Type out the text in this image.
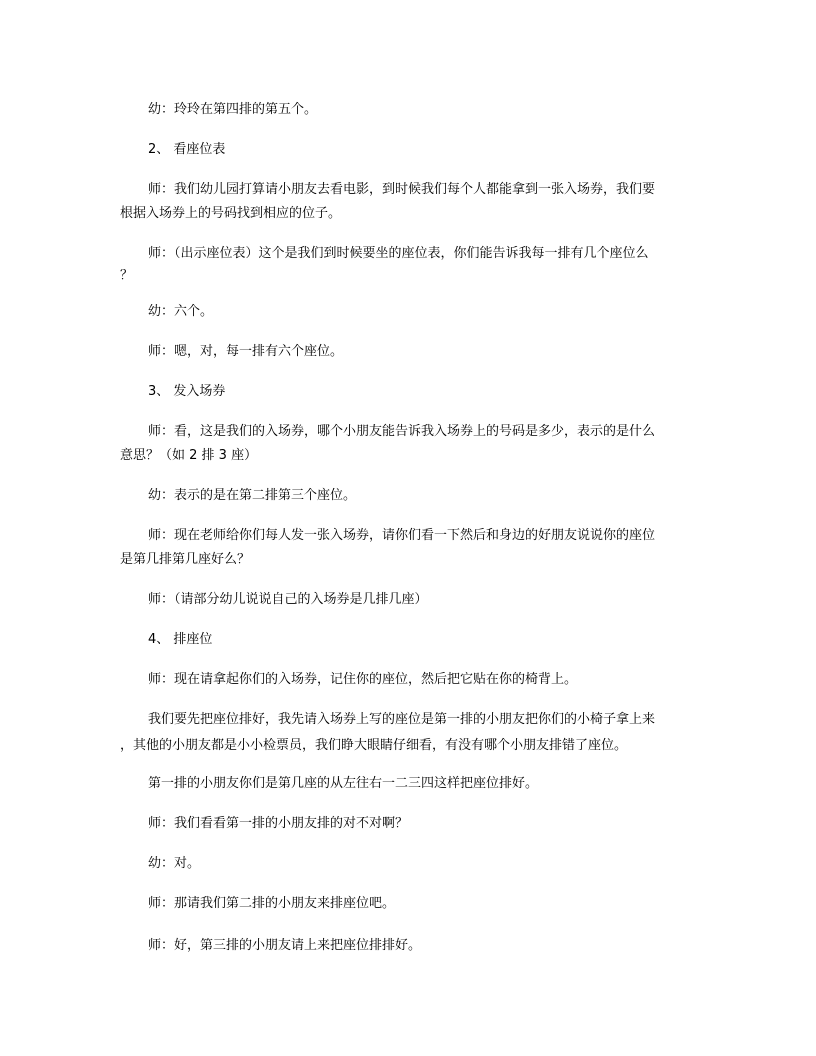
幼：玲玲在第四排的第五个。
2、 看座位表
师：我们幼儿园打算请小朋友去看电影，到时候我们每个人都能拿到一张入场券，我们要
根据入场券上的号码找到相应的位子。
师：（出示座位表）这个是我们到时候要坐的座位表，你们能告诉我每一排有几个座位么
？
幼：六个。
师：嗯，对，每一排有六个座位。
3、 发入场券
师：看，这是我们的入场券，哪个小朋友能告诉我入场券上的号码是多少，表示的是什么
意思？（如 2 排 3 座）
幼：表示的是在第二排第三个座位。
师：现在老师给你们每人发一张入场券，请你们看一下然后和身边的好朋友说说你的座位
是第几排第几座好么？
师：（请部分幼儿说说自己的入场券是几排几座）
4、 排座位
师：现在请拿起你们的入场券，记住你的座位，然后把它贴在你的椅背上。
我们要先把座位排好，我先请入场券上写的座位是第一排的小朋友把你们的小椅子拿上来
，其他的小朋友都是小小检票员，我们睁大眼睛仔细看，有没有哪个小朋友排错了座位。
第一排的小朋友你们是第几座的从左往右一二三四这样把座位排好。
师：我们看看第一排的小朋友排的对不对啊？
幼：对。
师：那请我们第二排的小朋友来排座位吧。
师：好，第三排的小朋友请上来把座位排排好。
